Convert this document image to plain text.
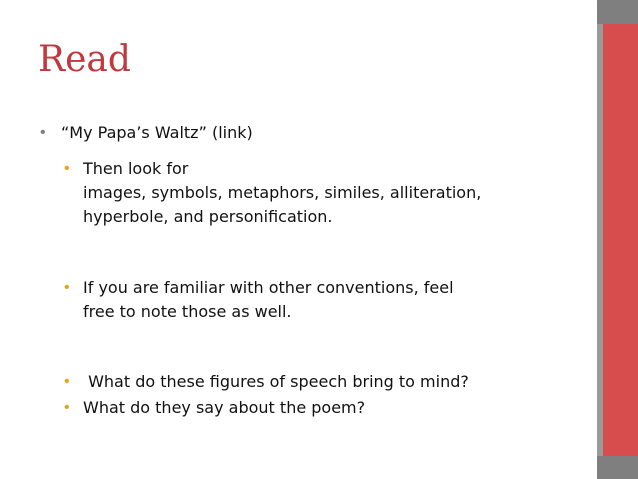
Read
• “My Papa’s Waltz” (link)
• Then look for
images, symbols, metaphors, similes, alliteration,
hyperbole, and personification.
• If you are familiar with other conventions, feel
free to note those as well.
• What do these figures of speech bring to mind?
• What do they say about the poem?
